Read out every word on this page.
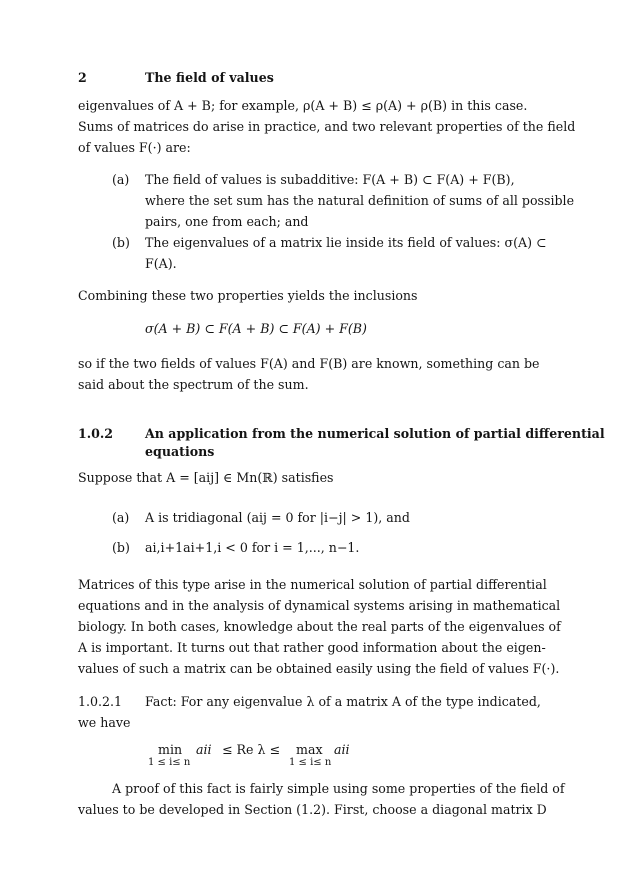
2	The field of values
eigenvalues of A + B; for example, ρ(A + B) ≤ ρ(A) + ρ(B) in this case.
Sums of matrices do arise in practice, and two relevant properties of the field
of values F(·) are:
(a) The field of values is subadditive: F(A + B) ⊂ F(A) + F(B),
where the set sum has the natural definition of sums of all possible
pairs, one from each; and
(b) The eigenvalues of a matrix lie inside its field of values: σ(A) ⊂
F(A).
Combining these two properties yields the inclusions
σ(A + B) ⊂ F(A + B) ⊂ F(A) + F(B)
so if the two fields of values F(A) and F(B) are known, something can be
said about the spectrum of the sum.
1.0.2	An application from the numerical solution of partial differential
equations
Suppose that A = [aij] ∈ Mn(ℝ) satisfies
(a) A is tridiagonal (aij = 0 for |i−j| > 1), and
(b) ai,i+1ai+1,i < 0 for i = 1,..., n−1.
Matrices of this type arise in the numerical solution of partial differential
equations and in the analysis of dynamical systems arising in mathematical
biology. In both cases, knowledge about the real parts of the eigenvalues of
A is important. It turns out that rather good information about the eigen-
values of such a matrix can be obtained easily using the field of values F(·).
1.0.2.1 Fact: For any eigenvalue λ of a matrix A of the type indicated,
we have
min
1 ≤ i≤ n
aii ≤ Re λ ≤ max
1 ≤ i≤ n
aii
A proof of this fact is fairly simple using some properties of the field of
values to be developed in Section (1.2). First, choose a diagonal matrix D
